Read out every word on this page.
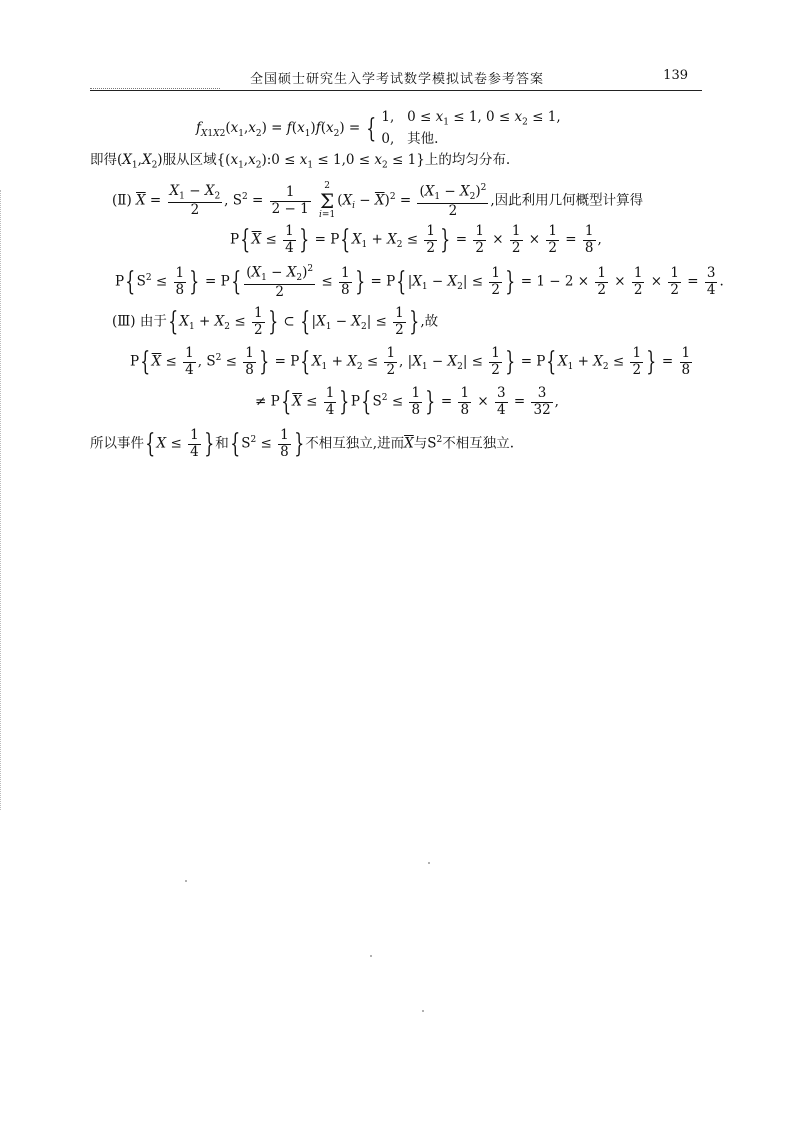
全国硕士研究生入学考试数学模拟试卷参考答案	139
$f_{X1X2}(x_1,x_2) = f(x_1)f(x_2)$ = { 1,   $0 \le x_1 \le 1$, $0 \le x_2 \le 1$,
0,   其他.
即得$(X_1,X_2)$服从区域$\{(x_1,x_2):0 \le x_1 \le 1,0 \le x_2 \le 1\}$上的均匀分布.
(Ⅱ) $\overline{X} = \frac{X_1 - X_2}{2}$ , $S^2 = \frac{1}{2 - 1} 2$
Σ
$i=1(X_i - \overline{X})^2 = \frac{(X_1 - X_2)^2}{2}$ ,因此利用几何概型计算得
$P\{\overline{X} \le \frac{1}{4}$ } = $P\{X_1 + X_2 \le \frac{1}{2}$ } = $\frac{1}{2} \times \frac{1}{2} \times \frac{1}{2} = \frac{1}{8}$ ,
$P\{S^2 \le \frac{1}{8}$ } = $P\{ \frac{(X_1 - X_2)^2}{2} \le \frac{1}{8}$ } = $P\{|X_1 - X_2| \le \frac{1}{2}$ } = $1 - 2 \times \frac{1}{2} \times \frac{1}{2} \times \frac{1}{2} = \frac{3}{4}$ .
(Ⅲ) 由于{$X_1 + X_2 \le \frac{1}{2}$ } ⊂ {$|X_1 - X_2| \le \frac{1}{2}$ },故
$P\{\overline{X} \le \frac{1}{4}$ , $S^2 \le \frac{1}{8}$ } = $P\{X_1 + X_2 \le \frac{1}{2}$ , $|X_1 - X_2| \le \frac{1}{2}$ } = $P\{X_1 + X_2 \le \frac{1}{2}$ } = $\frac{1}{8}$
≠ $P\{\overline{X} \le \frac{1}{4} \}P\{S^2 \le \frac{1}{8}$ } = $\frac{1}{8} \times \frac{3}{4} = \frac{3}{32}$ ,
所以事件{$X \le \frac{1}{4}$ }和{$S^2 \le \frac{1}{8}$ }不相互独立,进而$\overline{X}$与$S^2$不相互独立.
